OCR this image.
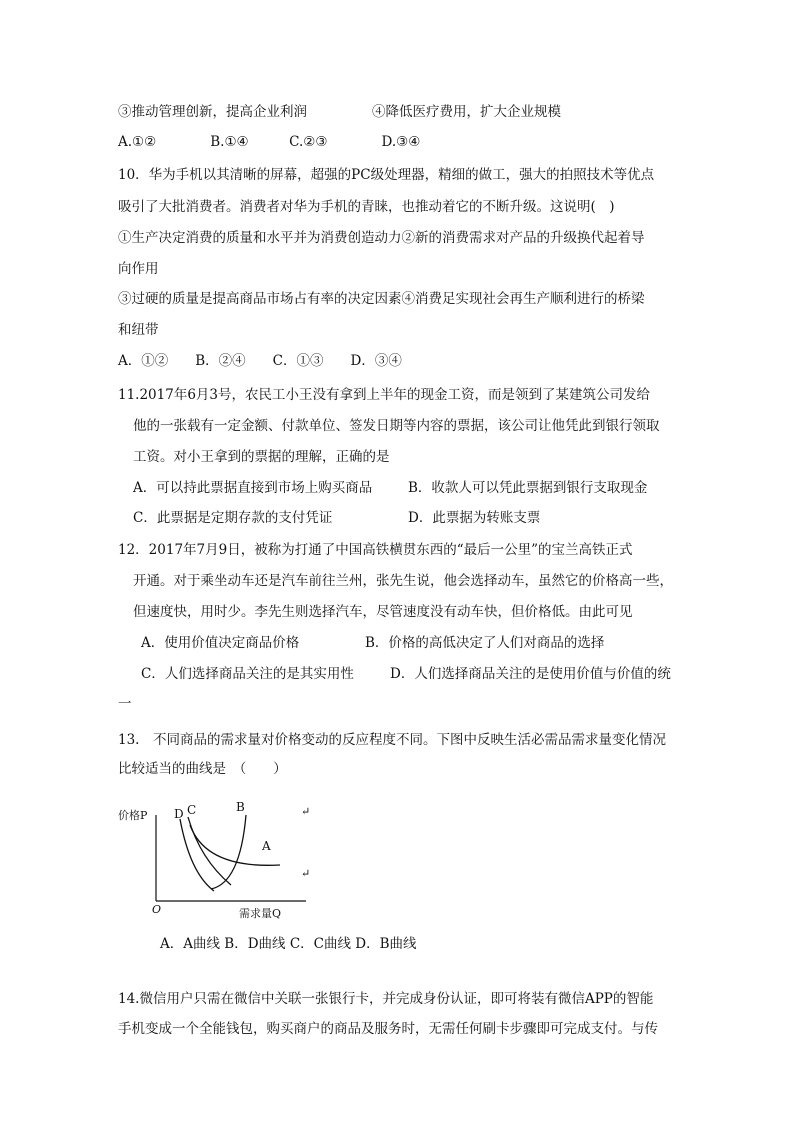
③推动管理创新，提高企业利润	④降低医疗费用，扩大企业规模
A.①②　　　　B.①④　　　C.②③　　　　D.③④
10．华为手机以其清晰的屏幕，超强的PC级处理器，精细的做工，强大的拍照技术等优点
吸引了大批消费者。消费者对华为手机的青睐，也推动着它的不断升级。这说明(　)
①生产决定消费的质量和水平并为消费创造动力②新的消费需求对产品的升级换代起着导
向作用
③过硬的质量是提高商品市场占有率的决定因素④消费足实现社会再生产顺利进行的桥梁
和纽带
A．①②　　B．②④　　C．①③　　D．③④
11.2017年6月3号，农民工小王没有拿到上半年的现金工资，而是领到了某建筑公司发给
他的一张载有一定金额、付款单位、签发日期等内容的票据，该公司让他凭此到银行领取
工资。对小王拿到的票据的理解，正确的是
A．可以持此票据直接到市场上购买商品	B．收款人可以凭此票据到银行支取现金
C．此票据是定期存款的支付凭证	D．此票据为转账支票
12．2017年7月9日，被称为打通了中国高铁横贯东西的“最后一公里”的宝兰高铁正式
开通。对于乘坐动车还是汽车前往兰州，张先生说，他会选择动车，虽然它的价格高一些，
但速度快，用时少。李先生则选择汽车，尽管速度没有动车快，但价格低。由此可见
A．使用价值决定商品价格	B．价格的高低决定了人们对商品的选择
C．人们选择商品关注的是其实用性	D．人们选择商品关注的是使用价值与价值的统
一
13.　不同商品的需求量对价格变动的反应程度不同。下图中反映生活必需品需求量变化情况
比较适当的曲线是　（　　）
价格P
O	需求量Q
D C	B
A
↵
↵
A．A曲线 B．D曲线 C．C曲线 D．B曲线
14.微信用户只需在微信中关联一张银行卡，并完成身份认证，即可将装有微信APP的智能
手机变成一个全能钱包，购买商户的商品及服务时，无需任何刷卡步骤即可完成支付。与传
